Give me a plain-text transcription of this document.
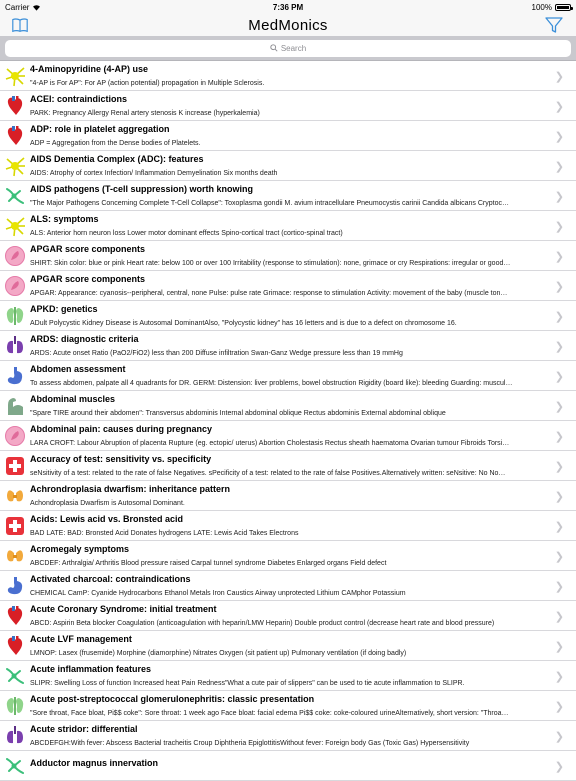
Carrier	7:36 PM	100%
MedMonics
Search
4-Aminopyridine (4-AP) use
"4-AP is For AP": For AP (action potential) propagation in Multiple Sclerosis.	❯
ACEI: contraindictions
PARK: Pregnancy Allergy Renal artery stenosis K increase (hyperkalemia)	❯
ADP: role in platelet aggregation
ADP = Aggregation from the Dense bodies of Platelets.	❯
AIDS Dementia Complex (ADC): features
AIDS: Atrophy of cortex Infection/ Inflammation Demyelination Six months death	❯
AIDS pathogens (T-cell suppression) worth knowing
"The Major Pathogens Concerning Complete T-Cell Collapse": Toxoplasma gondii M. avium intracellulare Pneumocystis carinii Candida albicans Cryptoc…	❯
ALS: symptoms
ALS: Anterior horn neuron loss Lower motor dominant effects Spino-cortical tract (cortico-spinal tract)	❯
APGAR score components
SHIRT: Skin color: blue or pink Heart rate: below 100 or over 100 Irritability (response to stimulation): none, grimace or cry Respirations: irregular or good…	❯
APGAR score components
APGAR: Appearance: cyanosis--peripheral, central, none Pulse: pulse rate Grimace: response to stimulation Activity: movement of the baby (muscle ton…	❯
APKD: genetics
ADult Polycystic Kidney Disease is Autosomal DominantAlso, "Polycystic kidney" has 16 letters and is due to a defect on chromosome 16.	❯
ARDS: diagnostic criteria
ARDS: Acute onset Ratio (PaO2/FiO2) less than 200 Diffuse infiltration Swan-Ganz Wedge pressure less than 19 mmHg	❯
Abdomen assessment
To assess abdomen, palpate all 4 quadrants for DR. GERM: Distension: liver problems, bowel obstruction Rigidity (board like): bleeding Guarding: muscul…	❯
Abdominal muscles
"Spare TIRE around their abdomen": Transversus abdominis Internal abdominal oblique Rectus abdominis External abdominal oblique	❯
Abdominal pain: causes during pregnancy
LARA CROFT: Labour Abruption of placenta Rupture (eg. ectopic/ uterus) Abortion Cholestasis Rectus sheath haematoma Ovarian tumour Fibroids Torsi…	❯
Accuracy of test: sensitivity vs. specificity
seNsitivity of a test: related to the rate of false Negatives. sPecificity of a test: related to the rate of false Positives.Alternatively written: seNsitive: No No…	❯
Achrondroplasia dwarfism: inheritance pattern
Achondroplasia Dwarfism is Autosomal Dominant.	❯
Acids: Lewis acid vs. Bronsted acid
BAD LATE: BAD: Bronsted Acid Donates hydrogens LATE: Lewis Acid Takes Electrons	❯
Acromegaly symptoms
ABCDEF: Arthralgia/ Arthritis Blood pressure raised Carpal tunnel syndrome Diabetes Enlarged organs Field defect	❯
Activated charcoal: contraindications
CHEMICAL CamP: Cyanide Hydrocarbons Ethanol Metals Iron Caustics Airway unprotected Lithium CAMphor Potassium	❯
Acute Coronary Syndrome: initial treatment
ABCD: Aspirin Beta blocker Coagulation (anticoagulation with heparin/LMW Heparin) Double product control (decrease heart rate and blood pressure)	❯
Acute LVF management
LMNOP: Lasex (frusemide) Morphine (diamorphine) Nitrates Oxygen (sit patient up) Pulmonary ventilation (if doing badly)	❯
Acute inflammation features
SLIPR: Swelling Loss of function Increased heat Pain Redness"What a cute pair of slippers" can be used to tie acute inflammation to SLIPR.	❯
Acute post-streptococcal glomerulonephritis: classic presentation
"Sore throat, Face bloat, Pi$$ coke": Sore throat: 1 week ago Face bloat: facial edema Pi$$ coke: coke-coloured urineAlternatively, short version: "Throa…	❯
Acute stridor: differential
ABCDEFGH:With fever: Abscess Bacterial tracheitis Croup Diphtheria EpiglottitisWithout fever: Foreign body Gas (Toxic Gas) Hypersensitivity	❯
Adductor magnus innervation	❯
